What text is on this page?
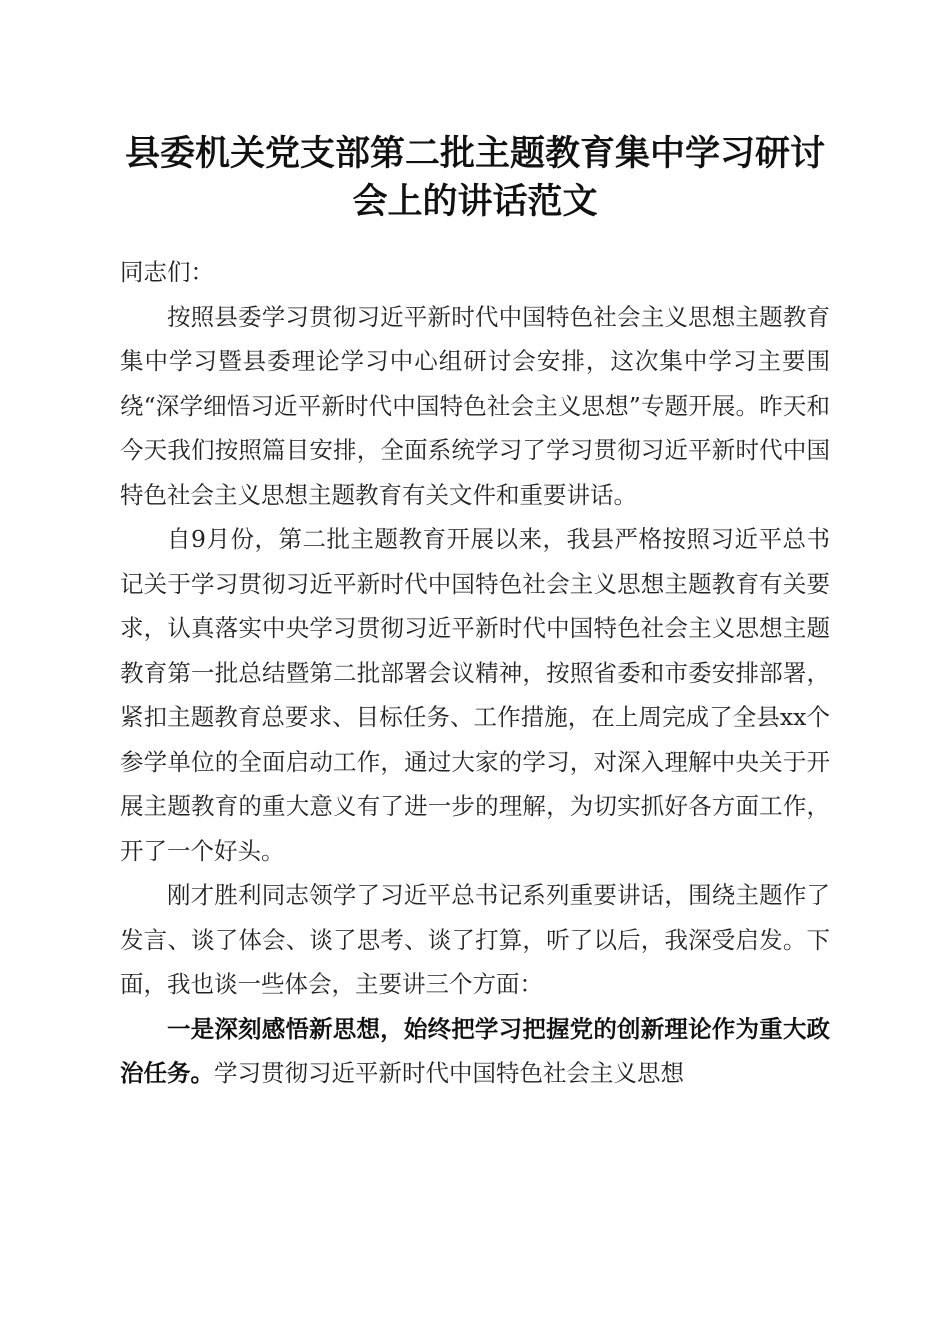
县委机关党支部第二批主题教育集中学习研讨
会上的讲话范文

同志们：

按照县委学习贯彻习近平新时代中国特色社会主义思想主题教育集中学习暨县委理论学习中心组研讨会安排，这次集中学习主要围绕“深学细悟习近平新时代中国特色社会主义思想”专题开展。昨天和今天我们按照篇目安排，全面系统学习了学习贯彻习近平新时代中国特色社会主义思想主题教育有关文件和重要讲话。

自9月份，第二批主题教育开展以来，我县严格按照习近平总书记关于学习贯彻习近平新时代中国特色社会主义思想主题教育有关要求，认真落实中央学习贯彻习近平新时代中国特色社会主义思想主题教育第一批总结暨第二批部署会议精神，按照省委和市委安排部署，紧扣主题教育总要求、目标任务、工作措施，在上周完成了全县xx个参学单位的全面启动工作，通过大家的学习，对深入理解中央关于开展主题教育的重大意义有了进一步的理解，为切实抓好各方面工作，开了一个好头。

刚才胜利同志领学了习近平总书记系列重要讲话，围绕主题作了发言、谈了体会、谈了思考、谈了打算，听了以后，我深受启发。下面，我也谈一些体会，主要讲三个方面：

一是深刻感悟新思想，始终把学习把握党的创新理论作为重大政治任务。学习贯彻习近平新时代中国特色社会主义思想
